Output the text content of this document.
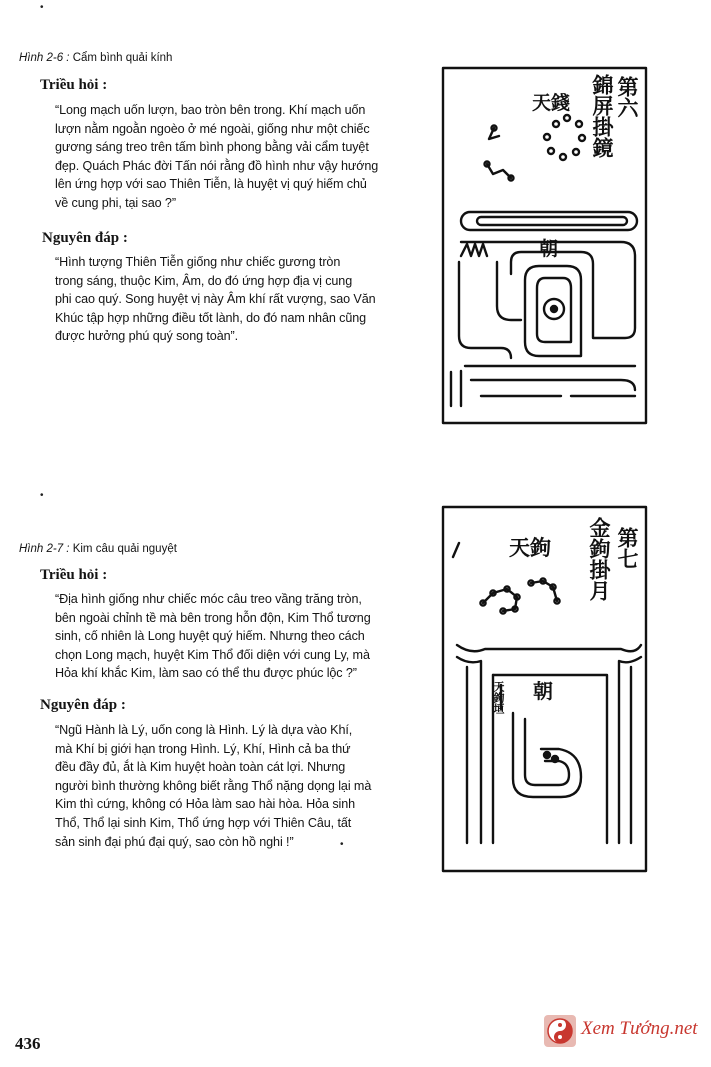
Hình 2-6 : Cẩm bình quải kính
Triều hỏi :
“Long mạch uốn lượn, bao tròn bên trong. Khí mạch uốn
lượn nằm ngoằn ngoèo ở mé ngoài, giống như một chiếc
gương sáng treo trên tấm bình phong bằng vải cẩm tuyệt
đẹp. Quách Phác đời Tấn nói rằng đồ hình như vậy hướng
lên ứng hợp với sao Thiên Tiễn, là huyệt vị quý hiếm chủ
về cung phi, tại sao ?”
Nguyên đáp :
“Hình tượng Thiên Tiễn giống như chiếc gương tròn
trong sáng, thuộc Kim, Âm, do đó ứng hợp địa vị cung
phi cao quý. Song huyệt vị này Âm khí rất vượng, sao Văn
Khúc tập hợp những điều tốt lành, do đó nam nhân cũng
được hưởng phú quý song toàn”.
第六
錦屏掛鏡
天錢
朝
Hình 2-7 : Kim câu quải nguyệt
Triều hỏi :
“Địa hình giống như chiếc móc câu treo vầng trăng tròn,
bên ngoài chỉnh tề mà bên trong hỗn độn, Kim Thổ tương
sinh, cố nhiên là Long huyệt quý hiếm. Nhưng theo cách
chọn Long mạch, huyệt Kim Thổ đối diện với cung Ly, mà
Hỏa khí khắc Kim, làm sao có thể thu được phúc lộc ?”
Nguyên đáp :
“Ngũ Hành là Lý, uốn cong là Hình. Lý là dựa vào Khí,
mà Khí bị giới hạn trong Hình. Lý, Khí, Hình cả ba thứ
đều đầy đủ, ắt là Kim huyệt hoàn toàn cát lợi. Nhưng
người bình thường không biết rằng Thổ nặng dọng lại mà
Kim thì cứng, không có Hỏa làm sao hài hòa. Hỏa sinh
Thổ, Thổ lại sinh Kim, Thổ ứng hợp với Thiên Câu, tất
sản sinh đại phú đại quý, sao còn hồ nghi !”
第七
金鉤掛月
天鉤
朝
天鉤垣
•
•
•
436
Xem Tướng.net
